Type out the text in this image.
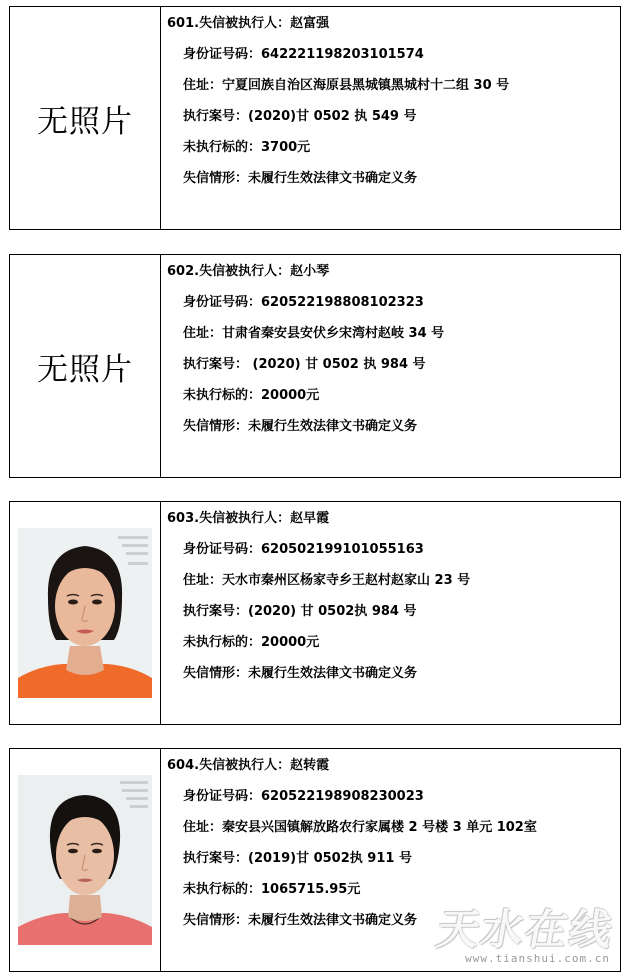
无照片
601.失信被执行人：赵富强
身份证号码：642221198203101574
住址：宁夏回族自治区海原县黑城镇黑城村十二组 30 号
执行案号：(2020)甘 0502 执 549 号
未执行标的：3700元
失信情形：未履行生效法律文书确定义务
无照片
602.失信被执行人：赵小琴
身份证号码：620522198808102323
住址：甘肃省秦安县安伏乡宋湾村赵岐 34 号
执行案号： (2020) 甘 0502 执 984 号
未执行标的：20000元
失信情形：未履行生效法律文书确定义务
603.失信被执行人：赵早霞
身份证号码：620502199101055163
住址：天水市秦州区杨家寺乡王赵村赵家山 23 号
执行案号：(2020) 甘 0502执 984 号
未执行标的：20000元
失信情形：未履行生效法律文书确定义务
604.失信被执行人：赵转霞
身份证号码：620522198908230023
住址：秦安县兴国镇解放路农行家属楼 2 号楼 3 单元 102室
执行案号：(2019)甘 0502执 911 号
未执行标的：1065715.95元
失信情形：未履行生效法律文书确定义务 天水在线
www.tianshui.com.cn
